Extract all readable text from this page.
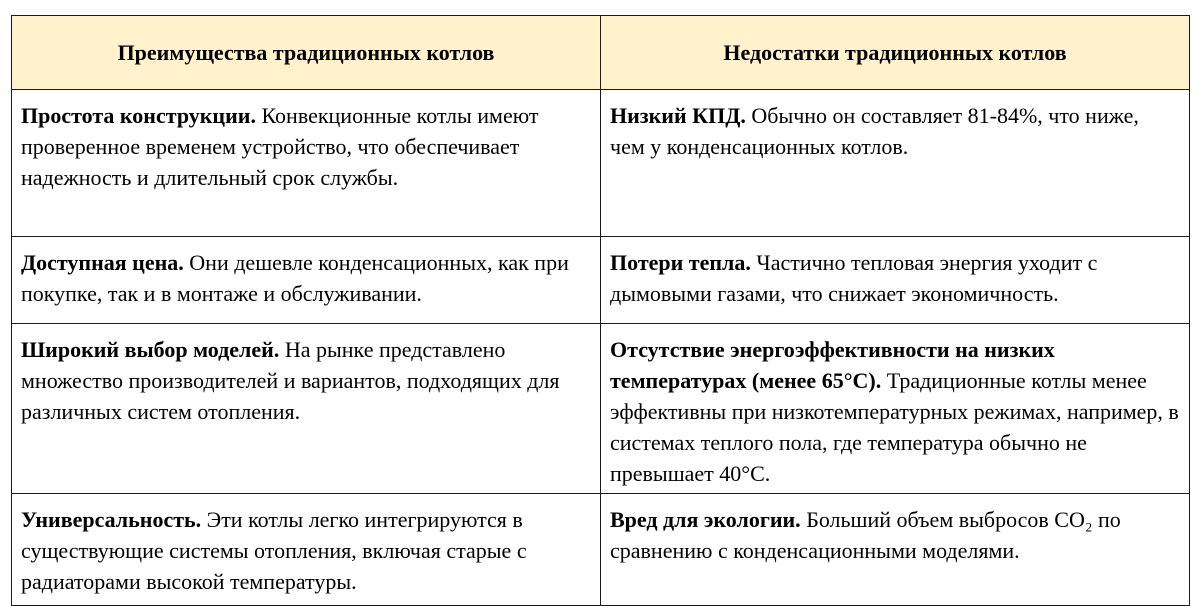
Преимущества традиционных котлов	Недостатки традиционных котлов
Простота конструкции. Конвекционные котлы имеют проверенное временем устройство, что обеспечивает надежность и длительный срок службы.	Низкий КПД. Обычно он составляет 81-84%, что ниже, чем у конденсационных котлов.
Доступная цена. Они дешевле конденсационных, как при покупке, так и в монтаже и обслуживании.	Потери тепла. Частично тепловая энергия уходит с дымовыми газами, что снижает экономичность.
Широкий выбор моделей. На рынке представлено множество производителей и вариантов, подходящих для различных систем отопления.	Отсутствие энергоэффективности на низких температурах (менее 65°C). Традиционные котлы менее эффективны при низкотемпературных режимах, например, в системах теплого пола, где температура обычно не превышает 40°C.
Универсальность. Эти котлы легко интегрируются в существующие системы отопления, включая старые с радиаторами высокой температуры.	Вред для экологии. Больший объем выбросов CO₂ по сравнению с конденсационными моделями.
